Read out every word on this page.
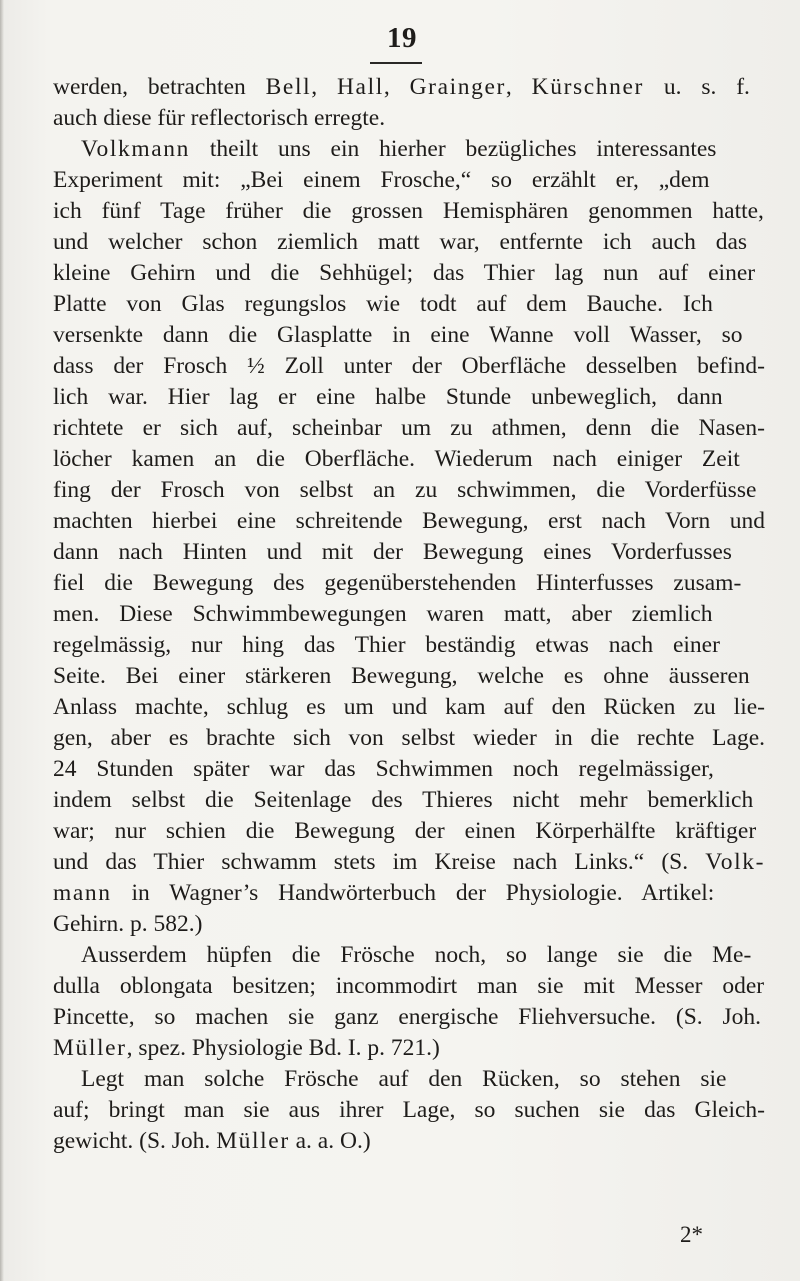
19
werden, betrachten Bell, Hall, Grainger, Kürschner u. s. f.
auch diese für reflectorisch erregte.
Volkmann theilt uns ein hierher bezügliches interessantes
Experiment mit: „Bei einem Frosche,“ so erzählt er, „dem
ich fünf Tage früher die grossen Hemisphären genommen hatte,
und welcher schon ziemlich matt war, entfernte ich auch das
kleine Gehirn und die Sehhügel; das Thier lag nun auf einer
Platte von Glas regungslos wie todt auf dem Bauche. Ich
versenkte dann die Glasplatte in eine Wanne voll Wasser, so
dass der Frosch ½ Zoll unter der Oberfläche desselben befind-
lich war. Hier lag er eine halbe Stunde unbeweglich, dann
richtete er sich auf, scheinbar um zu athmen, denn die Nasen-
löcher kamen an die Oberfläche. Wiederum nach einiger Zeit
fing der Frosch von selbst an zu schwimmen, die Vorderfüsse
machten hierbei eine schreitende Bewegung, erst nach Vorn und
dann nach Hinten und mit der Bewegung eines Vorderfusses
fiel die Bewegung des gegenüberstehenden Hinterfusses zusam-
men. Diese Schwimmbewegungen waren matt, aber ziemlich
regelmässig, nur hing das Thier beständig etwas nach einer
Seite. Bei einer stärkeren Bewegung, welche es ohne äusseren
Anlass machte, schlug es um und kam auf den Rücken zu lie-
gen, aber es brachte sich von selbst wieder in die rechte Lage.
24 Stunden später war das Schwimmen noch regelmässiger,
indem selbst die Seitenlage des Thieres nicht mehr bemerklich
war; nur schien die Bewegung der einen Körperhälfte kräftiger
und das Thier schwamm stets im Kreise nach Links.“ (S. Volk-
mann in Wagner’s Handwörterbuch der Physiologie. Artikel:
Gehirn. p. 582.)
Ausserdem hüpfen die Frösche noch, so lange sie die Me-
dulla oblongata besitzen; incommodirt man sie mit Messer oder
Pincette, so machen sie ganz energische Fliehversuche. (S. Joh.
Müller, spez. Physiologie Bd. I. p. 721.)
Legt man solche Frösche auf den Rücken, so stehen sie
auf; bringt man sie aus ihrer Lage, so suchen sie das Gleich-
gewicht. (S. Joh. Müller a. a. O.)
2*
